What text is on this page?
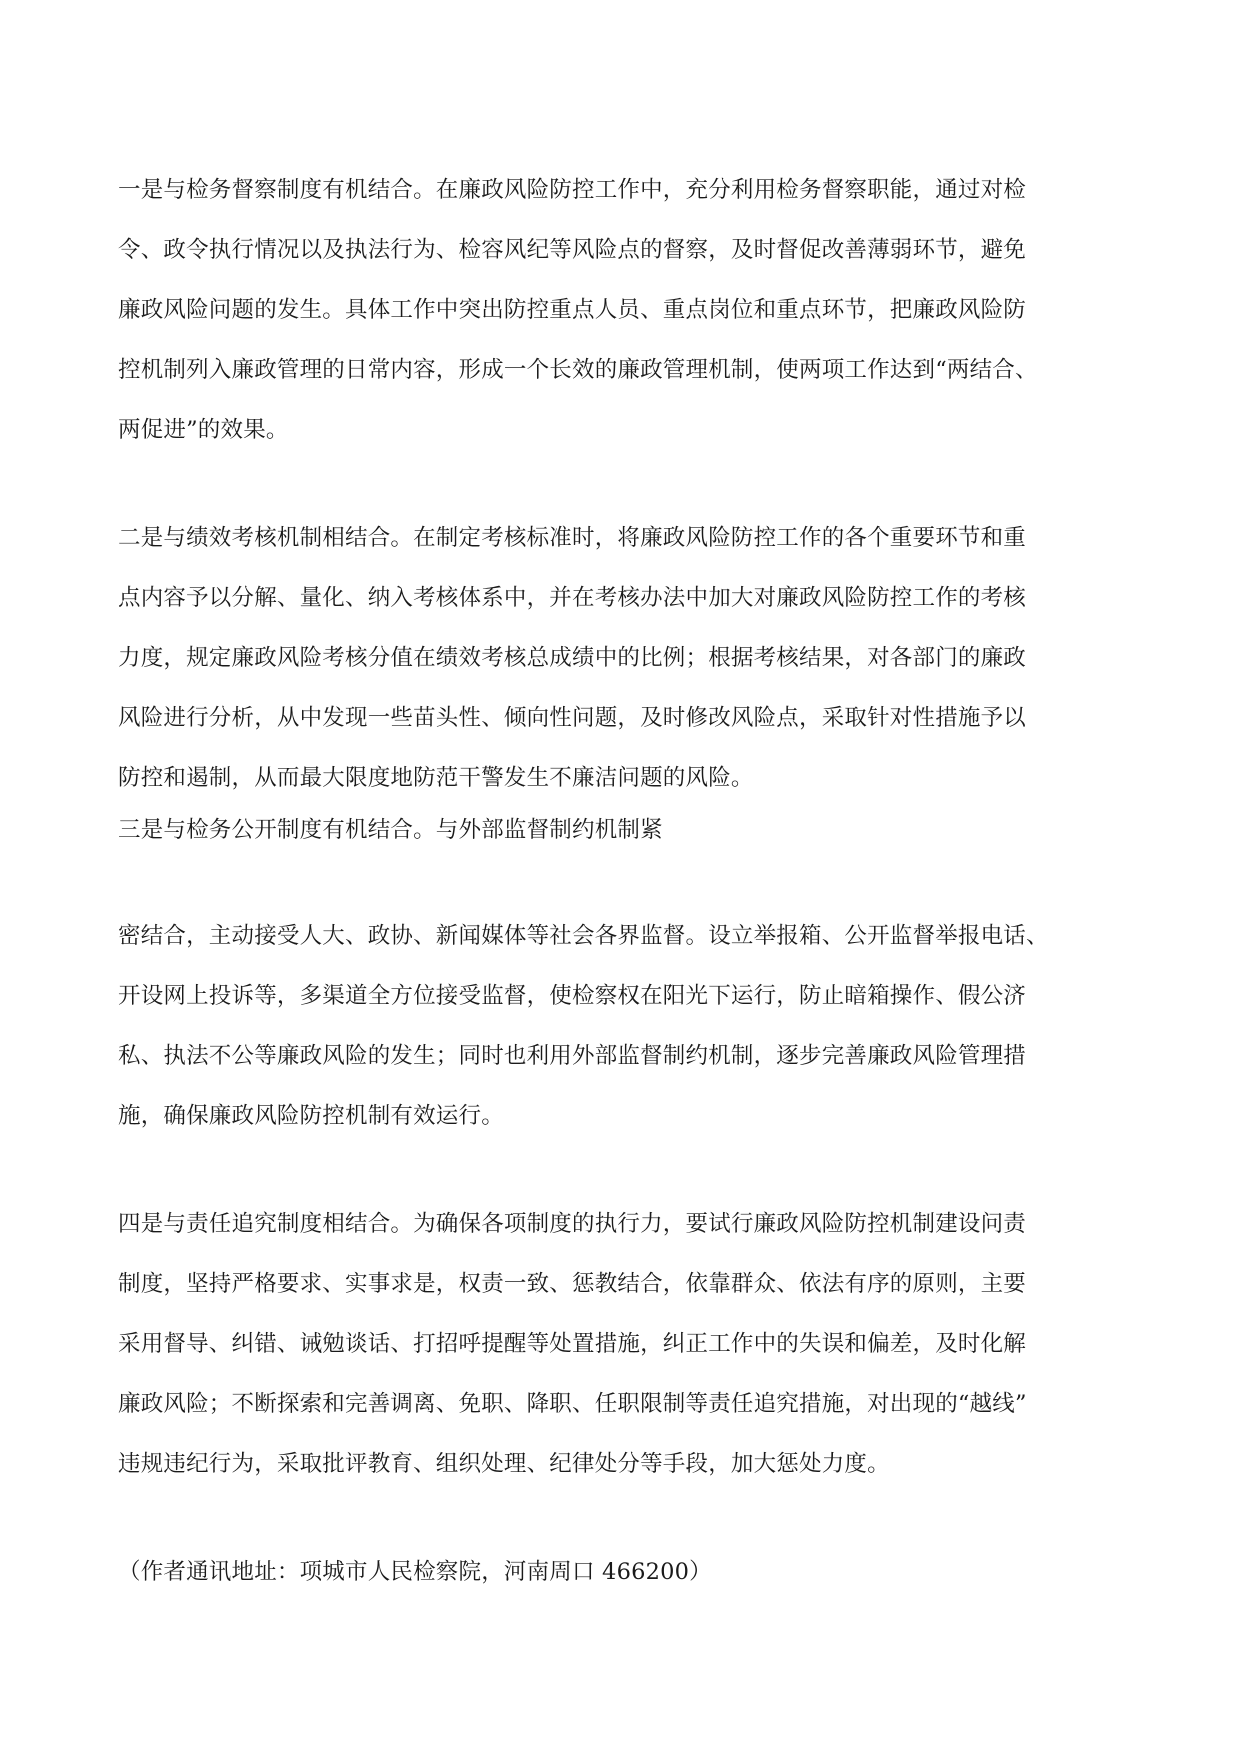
一是与检务督察制度有机结合。在廉政风险防控工作中，充分利用检务督察职能，通过对检

令、政令执行情况以及执法行为、检容风纪等风险点的督察，及时督促改善薄弱环节，避免

廉政风险问题的发生。具体工作中突出防控重点人员、重点岗位和重点环节，把廉政风险防

控机制列入廉政管理的日常内容，形成一个长效的廉政管理机制，使两项工作达到“两结合、

两促进”的效果。

二是与绩效考核机制相结合。在制定考核标准时，将廉政风险防控工作的各个重要环节和重

点内容予以分解、量化、纳入考核体系中，并在考核办法中加大对廉政风险防控工作的考核

力度，规定廉政风险考核分值在绩效考核总成绩中的比例；根据考核结果，对各部门的廉政

风险进行分析，从中发现一些苗头性、倾向性问题，及时修改风险点，采取针对性措施予以

防控和遏制，从而最大限度地防范干警发生不廉洁问题的风险。

三是与检务公开制度有机结合。与外部监督制约机制紧

密结合，主动接受人大、政协、新闻媒体等社会各界监督。设立举报箱、公开监督举报电话、

开设网上投诉等，多渠道全方位接受监督，使检察权在阳光下运行，防止暗箱操作、假公济

私、执法不公等廉政风险的发生；同时也利用外部监督制约机制，逐步完善廉政风险管理措

施，确保廉政风险防控机制有效运行。

四是与责任追究制度相结合。为确保各项制度的执行力，要试行廉政风险防控机制建设问责

制度，坚持严格要求、实事求是，权责一致、惩教结合，依靠群众、依法有序的原则，主要

采用督导、纠错、诫勉谈话、打招呼提醒等处置措施，纠正工作中的失误和偏差，及时化解

廉政风险；不断探索和完善调离、免职、降职、任职限制等责任追究措施，对出现的“越线”

违规违纪行为，采取批评教育、组织处理、纪律处分等手段，加大惩处力度。

（作者通讯地址：项城市人民检察院，河南周口 466200）
